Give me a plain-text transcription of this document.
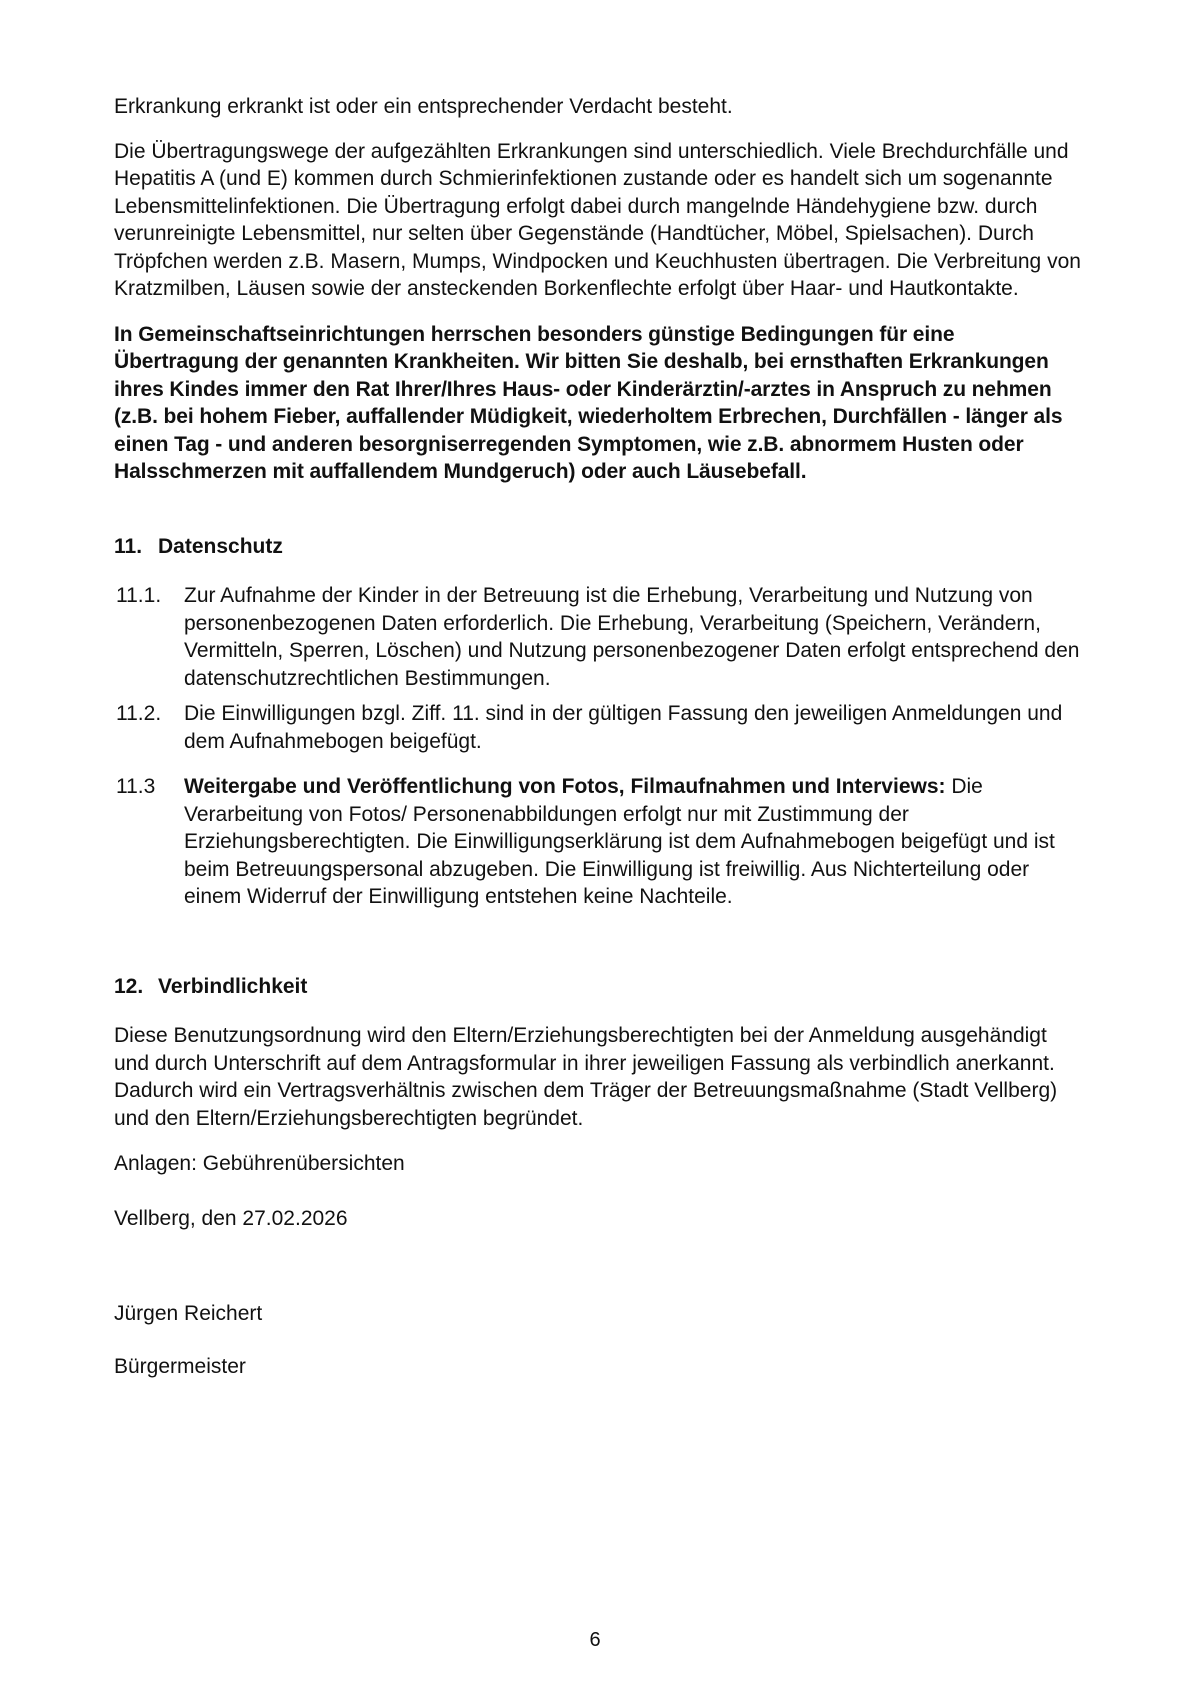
Erkrankung erkrankt ist oder ein entsprechender Verdacht besteht.

Die Übertragungswege der aufgezählten Erkrankungen sind unterschiedlich. Viele Brechdurchfälle und Hepatitis A (und E) kommen durch Schmierinfektionen zustande oder es handelt sich um sogenannte Lebensmittelinfektionen. Die Übertragung erfolgt dabei durch mangelnde Händehygiene bzw. durch verunreinigte Lebensmittel, nur selten über Gegenstände (Handtücher, Möbel, Spielsachen). Durch Tröpfchen werden z.B. Masern, Mumps, Windpocken und Keuchhusten übertragen. Die Verbreitung von Kratzmilben, Läusen sowie der ansteckenden Borkenflechte erfolgt über Haar- und Hautkontakte.

In Gemeinschaftseinrichtungen herrschen besonders günstige Bedingungen für eine Übertragung der genannten Krankheiten. Wir bitten Sie deshalb, bei ernsthaften Erkrankungen ihres Kindes immer den Rat Ihrer/Ihres Haus- oder Kinderärztin/-arztes in Anspruch zu nehmen (z.B. bei hohem Fieber, auffallender Müdigkeit, wiederholtem Erbrechen, Durchfällen - länger als einen Tag - und anderen besorgniserregenden Symptomen, wie z.B. abnormem Husten oder Halsschmerzen mit auffallendem Mundgeruch) oder auch Läusebefall.

11. Datenschutz
11.1. Zur Aufnahme der Kinder in der Betreuung ist die Erhebung, Verarbeitung und Nutzung von personenbezogenen Daten erforderlich. Die Erhebung, Verarbeitung (Speichern, Verändern, Vermitteln, Sperren, Löschen) und Nutzung personenbezogener Daten erfolgt entsprechend den datenschutzrechtlichen Bestimmungen.
11.2. Die Einwilligungen bzgl. Ziff. 11. sind in der gültigen Fassung den jeweiligen Anmeldungen und dem Aufnahmebogen beigefügt.
11.3 Weitergabe und Veröffentlichung von Fotos, Filmaufnahmen und Interviews: Die Verarbeitung von Fotos/ Personenabbildungen erfolgt nur mit Zustimmung der Erziehungsberechtigten. Die Einwilligungserklärung ist dem Aufnahmebogen beigefügt und ist beim Betreuungspersonal abzugeben. Die Einwilligung ist freiwillig. Aus Nichterteilung oder einem Widerruf der Einwilligung entstehen keine Nachteile.
12. Verbindlichkeit

Diese Benutzungsordnung wird den Eltern/Erziehungsberechtigten bei der Anmeldung ausgehändigt und durch Unterschrift auf dem Antragsformular in ihrer jeweiligen Fassung als verbindlich anerkannt. Dadurch wird ein Vertragsverhältnis zwischen dem Träger der Betreuungsmaßnahme (Stadt Vellberg) und den Eltern/Erziehungsberechtigten begründet.

Anlagen: Gebührenübersichten

Vellberg, den 27.02.2026

Jürgen Reichert

Bürgermeister

6
